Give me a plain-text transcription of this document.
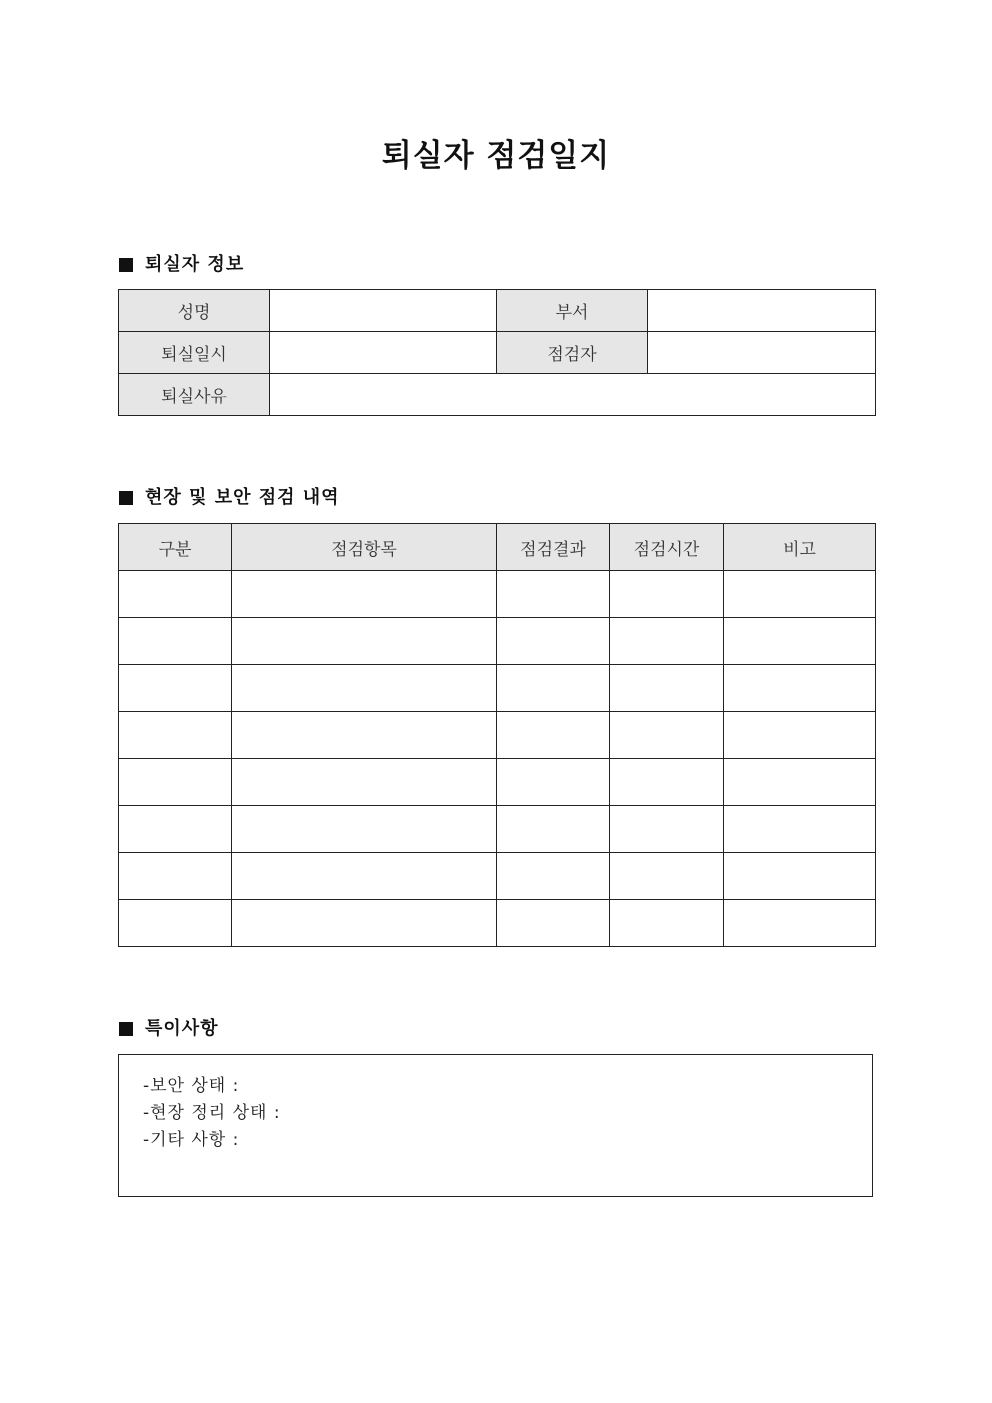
퇴실자 점검일지
퇴실자 정보
성명		부서	
퇴실일시		점검자	
퇴실사유			
현장 및 보안 점검 내역
구분	점검항목	점검결과	점검시간	비고

특이사항
-보안 상태 :
-현장 정리 상태 :
-기타 사항 :
